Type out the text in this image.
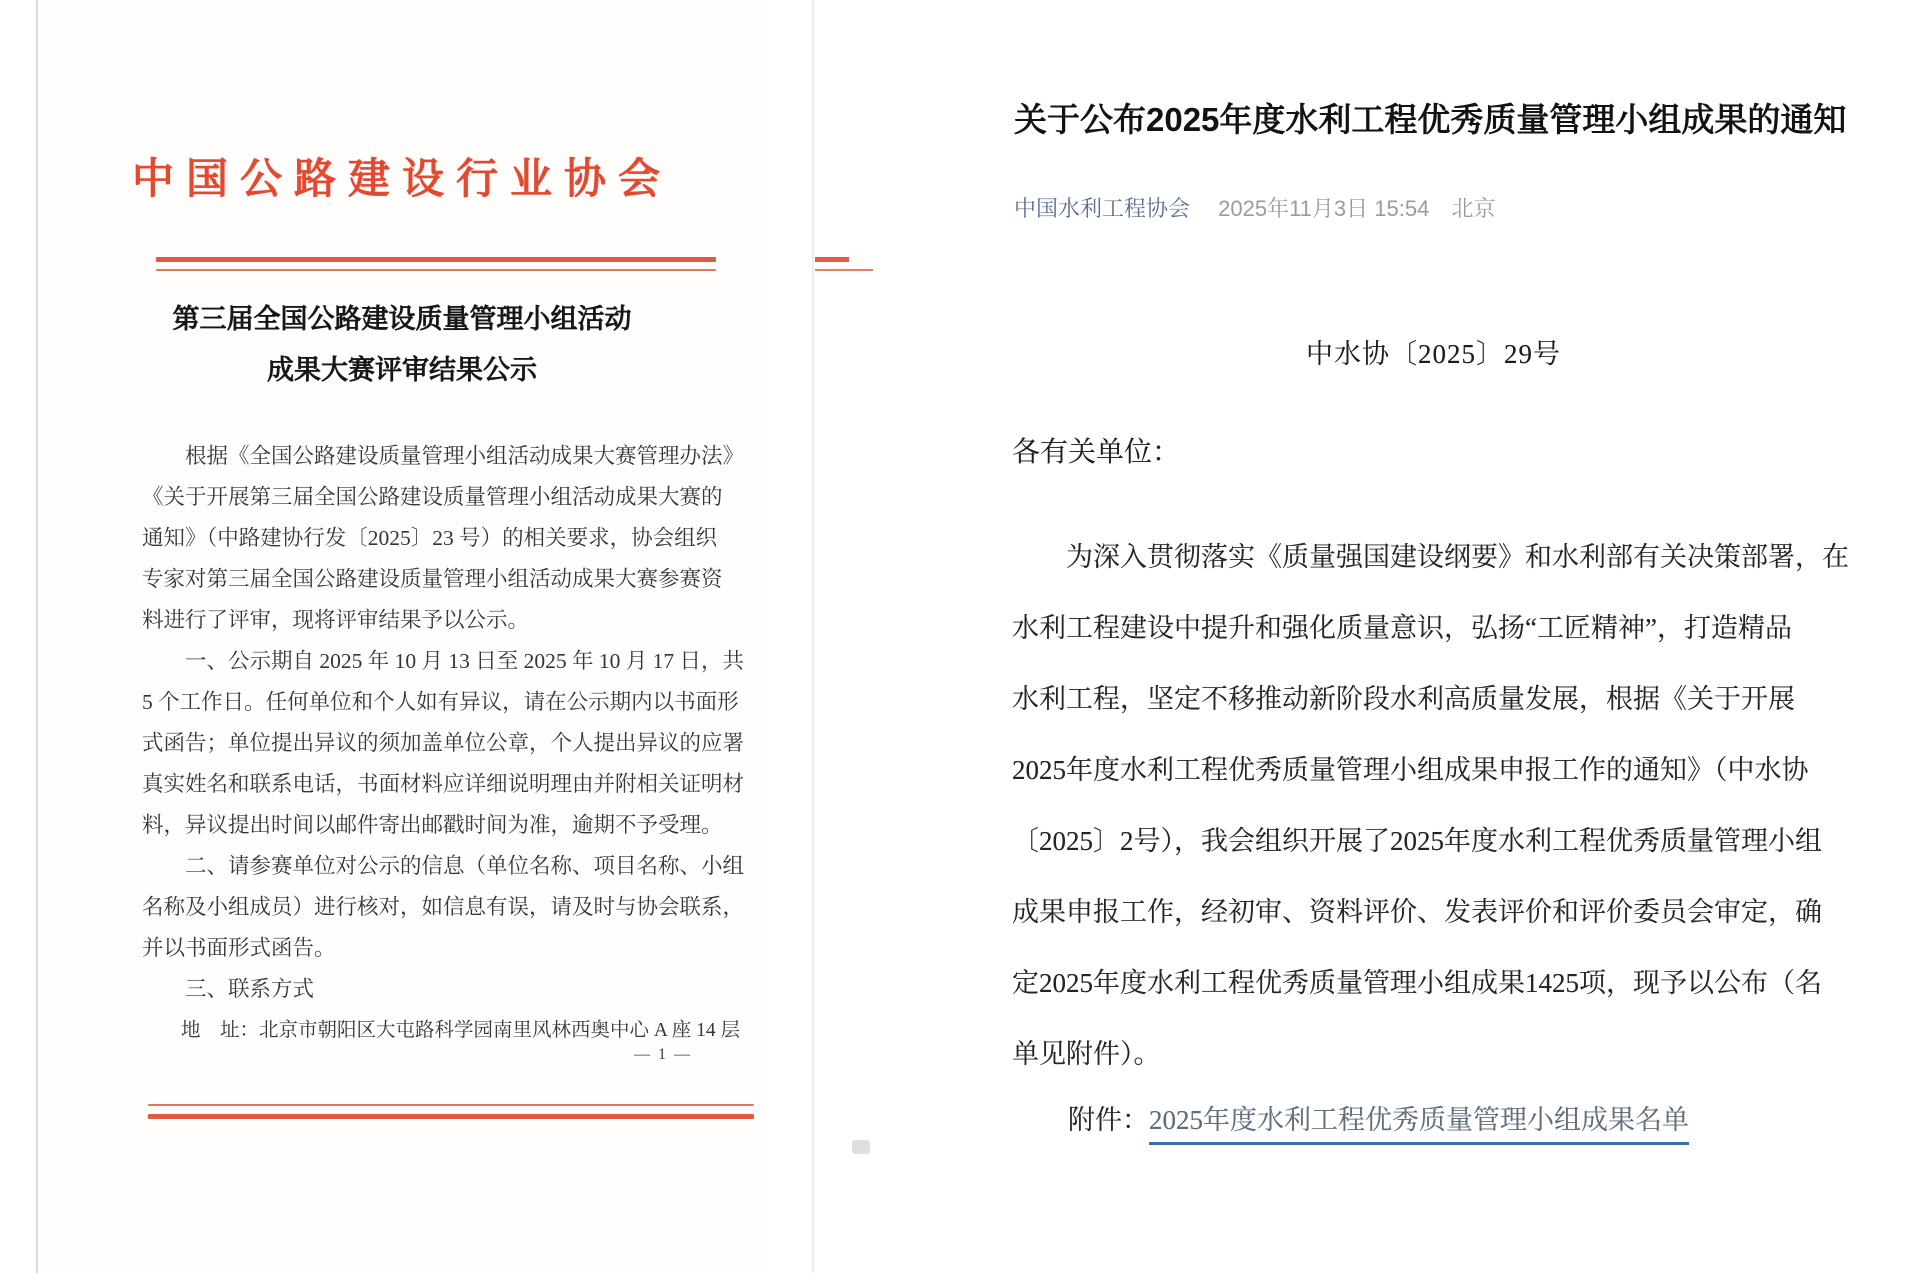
中国公路建设行业协会
第三届全国公路建设质量管理小组活动
成果大赛评审结果公示
　　根据《全国公路建设质量管理小组活动成果大赛管理办法》
《关于开展第三届全国公路建设质量管理小组活动成果大赛的
通知》（中路建协行发〔2025〕23 号）的相关要求，协会组织
专家对第三届全国公路建设质量管理小组活动成果大赛参赛资
料进行了评审，现将评审结果予以公示。
　　一、公示期自 2025 年 10 月 13 日至 2025 年 10 月 17 日，共
5 个工作日。任何单位和个人如有异议，请在公示期内以书面形
式函告；单位提出异议的须加盖单位公章，个人提出异议的应署
真实姓名和联系电话，书面材料应详细说明理由并附相关证明材
料，异议提出时间以邮件寄出邮戳时间为准，逾期不予受理。
　　二、请参赛单位对公示的信息（单位名称、项目名称、小组
名称及小组成员）进行核对，如信息有误，请及时与协会联系，
并以书面形式函告。
　　三、联系方式
　　地　址：北京市朝阳区大屯路科学园南里风林西奥中心 A 座 14 层
— 1 —
关于公布2025年度水利工程优秀质量管理小组成果的通知
中国水利工程协会 2025年11月3日 15:54 北京
中水协〔2025〕29号
各有关单位：
　　为深入贯彻落实《质量强国建设纲要》和水利部有关决策部署，在
水利工程建设中提升和强化质量意识，弘扬“工匠精神”，打造精品
水利工程，坚定不移推动新阶段水利高质量发展，根据《关于开展
2025年度水利工程优秀质量管理小组成果申报工作的通知》（中水协
〔2025〕2号），我会组织开展了2025年度水利工程优秀质量管理小组
成果申报工作，经初审、资料评价、发表评价和评价委员会审定，确
定2025年度水利工程优秀质量管理小组成果1425项，现予以公布（名
单见附件）。
附件：2025年度水利工程优秀质量管理小组成果名单
